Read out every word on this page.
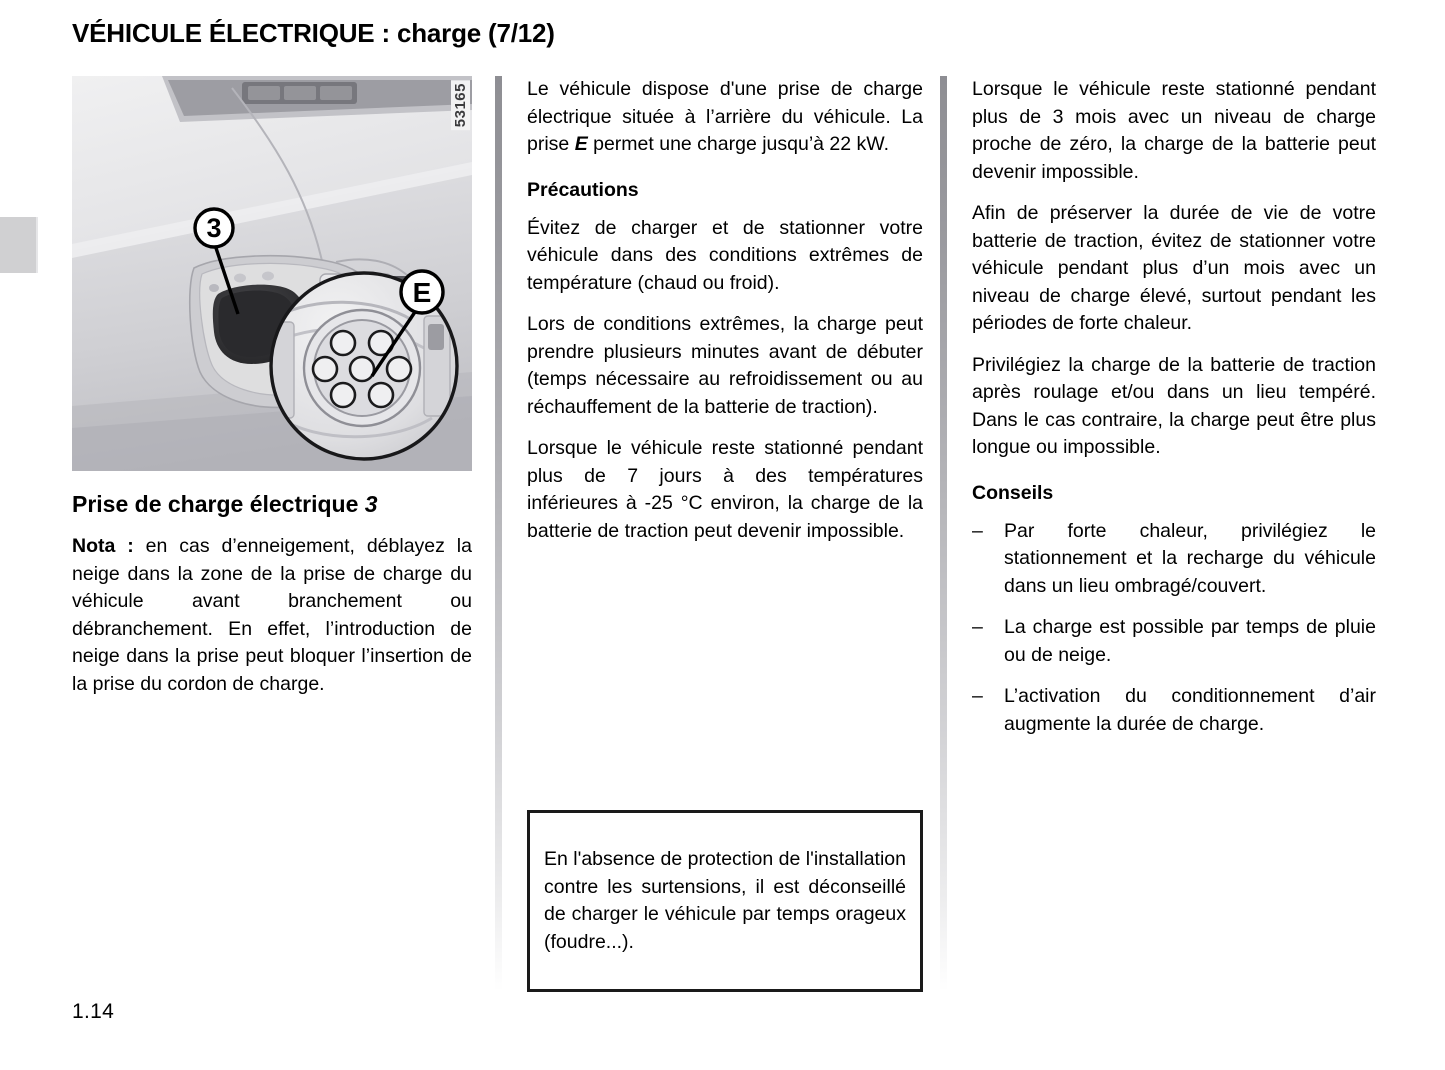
VÉHICULE ÉLECTRIQUE : charge (7/12)
3
E
53165
Prise de charge électrique 3

Nota : en cas d’enneigement, déblayez la neige dans la zone de la prise de charge du véhicule avant branchement ou débranchement. En effet, l’introduction de neige dans la prise peut bloquer l’insertion de la prise du cordon de charge.

Le véhicule dispose d'une prise de charge électrique située à l’arrière du véhicule. La prise E permet une charge jusqu’à 22 kW.

Précautions

Évitez de charger et de stationner votre véhicule dans des conditions extrêmes de température (chaud ou froid).

Lors de conditions extrêmes, la charge peut prendre plusieurs minutes avant de débuter (temps nécessaire au refroidissement ou au réchauffement de la batterie de traction).

Lorsque le véhicule reste stationné pendant plus de 7 jours à des températures inférieures à -25 °C environ, la charge de la batterie de traction peut devenir impossible.

En l'absence de protection de l'installation contre les surtensions, il est déconseillé de charger le véhicule par temps orageux (foudre...).

Lorsque le véhicule reste stationné pendant plus de 3 mois avec un niveau de charge proche de zéro, la charge de la batterie peut devenir impossible.

Afin de préserver la durée de vie de votre batterie de traction, évitez de stationner votre véhicule pendant plus d’un mois avec un niveau de charge élevé, surtout pendant les périodes de forte chaleur.

Privilégiez la charge de la batterie de traction après roulage et/ou dans un lieu tempéré. Dans le cas contraire, la charge peut être plus longue ou impossible.

Conseils
– Par forte chaleur, privilégiez le stationnement et la recharge du véhicule dans un lieu ombragé/couvert.
– La charge est possible par temps de pluie ou de neige.
– L’activation du conditionnement d’air augmente la durée de charge.
1.14
